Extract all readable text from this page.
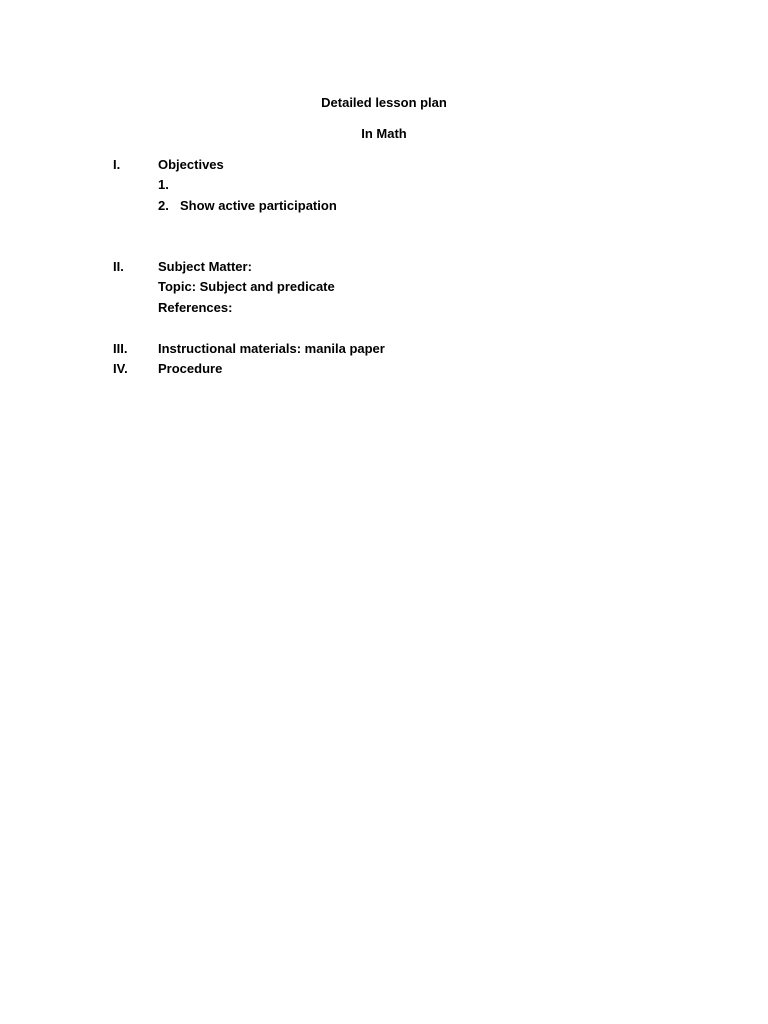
Detailed lesson plan
In Math
I.	Objectives
1.
2. Show active participation
II.	Subject Matter:
Topic: Subject and predicate
References:
III. Instructional materials: manila paper
IV. Procedure
